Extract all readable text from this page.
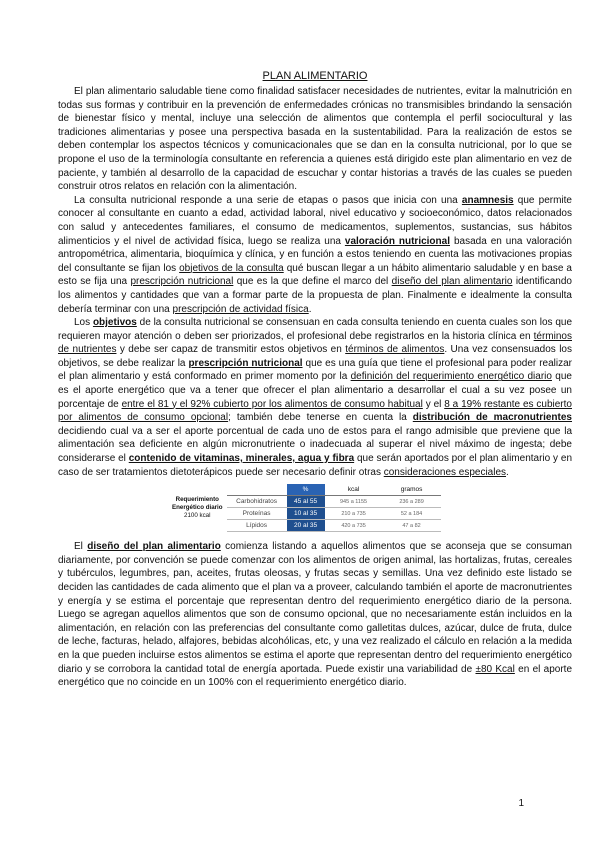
PLAN ALIMENTARIO

El plan alimentario saludable tiene como finalidad satisfacer necesidades de nutrientes, evitar la malnutrición en todas sus formas y contribuir en la prevención de enfermedades crónicas no transmisibles brindando la sensación de bienestar físico y mental, incluye una selección de alimentos que contempla el perfil sociocultural y las tradiciones alimentarias y posee una perspectiva basada en la sustentabilidad. Para la realización de estos se deben contemplar los aspectos técnicos y comunicacionales que se dan en la consulta nutricional, por lo que se propone el uso de la terminología consultante en referencia a quienes está dirigido este plan alimentario en vez de paciente, y también al desarrollo de la capacidad de escuchar y contar historias a través de las cuales se pueden construir otros relatos en relación con la alimentación.

La consulta nutricional responde a una serie de etapas o pasos que inicia con una anamnesis que permite conocer al consultante en cuanto a edad, actividad laboral, nivel educativo y socioeconómico, datos relacionados con salud y antecedentes familiares, el consumo de medicamentos, suplementos, sustancias, sus hábitos alimenticios y el nivel de actividad física, luego se realiza una valoración nutricional basada en una valoración antropométrica, alimentaria, bioquímica y clínica, y en función a estos teniendo en cuenta las motivaciones propias del consultante se fijan los objetivos de la consulta qué buscan llegar a un hábito alimentario saludable y en base a esto se fija una prescripción nutricional que es la que define el marco del diseño del plan alimentario identificando los alimentos y cantidades que van a formar parte de la propuesta de plan. Finalmente e idealmente la consulta debería terminar con una prescripción de actividad física.

Los objetivos de la consulta nutricional se consensuan en cada consulta teniendo en cuenta cuales son los que requieren mayor atención o deben ser priorizados, el profesional debe registrarlos en la historia clínica en términos de nutrientes y debe ser capaz de transmitir estos objetivos en términos de alimentos. Una vez consensuados los objetivos, se debe realizar la prescripción nutricional que es una guía que tiene el profesional para poder realizar el plan alimentario y está conformado en primer momento por la definición del requerimiento energético diario que es el aporte energético que va a tener que ofrecer el plan alimentario a desarrollar el cual a su vez posee un porcentaje de entre el 81 y el 92% cubierto por los alimentos de consumo habitual y el 8 a 19% restante es cubierto por alimentos de consumo opcional; también debe tenerse en cuenta la distribución de macronutrientes decidiendo cual va a ser el aporte porcentual de cada uno de estos para el rango admisible que previene que la alimentación sea deficiente en algún micronutriente o inadecuada al superar el nivel máximo de ingesta; debe considerarse el contenido de vitaminas, minerales, agua y fibra que serán aportados por el plan alimentario y en caso de ser tratamientos dietoterápicos puede ser necesario definir otras consideraciones especiales.

Requerimiento
Energético diario
2100 kcal		%	kcal	gramos
	Carbohidratos	45 al 55	945 a 1155	236 a 289
	Proteínas	10 al 35	210 a 735	52 a 184
	Lípidos	20 al 35	420 a 735	47 a 82

El diseño del plan alimentario comienza listando a aquellos alimentos que se aconseja que se consuman diariamente, por convención se puede comenzar con los alimentos de origen animal, las hortalizas, frutas, cereales y tubérculos, legumbres, pan, aceites, frutas oleosas, y frutas secas y semillas. Una vez definido este listado se deciden las cantidades de cada alimento que el plan va a proveer, calculando también el aporte de macronutrientes y energía y se estima el porcentaje que representan dentro del requerimiento energético diario de la persona. Luego se agregan aquellos alimentos que son de consumo opcional, que no necesariamente están incluidos en la alimentación, en relación con las preferencias del consultante como galletitas dulces, azúcar, dulce de fruta, dulce de leche, facturas, helado, alfajores, bebidas alcohólicas, etc, y una vez realizado el cálculo en relación a la medida en la que pueden incluirse estos alimentos se estima el aporte que representan dentro del requerimiento energético diario y se corrobora la cantidad total de energía aportada. Puede existir una variabilidad de ±80 Kcal en el aporte energético que no coincide en un 100% con el requerimiento energético diario.

1
